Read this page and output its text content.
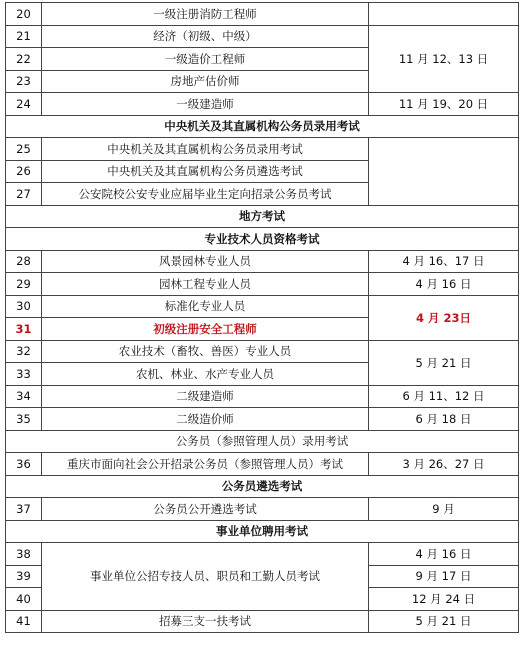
20	一级注册消防工程师	
21	经济（初级、中级）	11 月 12、13 日
22	一级造价工程师	
23	房地产估价师	
24	一级建造师	11 月 19、20 日
中央机关及其直属机构公务员录用考试		
25	中央机关及其直属机构公务员录用考试	
26	中央机关及其直属机构公务员遴选考试	
27	公安院校公安专业应届毕业生定向招录公务员考试	
地方考试		
专业技术人员资格考试		
28	风景园林专业人员	4 月 16、17 日
29	园林工程专业人员	4 月 16 日
30	标准化专业人员	4 月 23日
31	初级注册安全工程师	
32	农业技术（畜牧、兽医）专业人员	5 月 21 日
33	农机、林业、水产专业人员	
34	二级建造师	6 月 11、12 日
35	二级造价师	6 月 18 日
公务员（参照管理人员）录用考试		
36	重庆市面向社会公开招录公务员（参照管理人员）考试	3 月 26、27 日
公务员遴选考试		
37	公务员公开遴选考试	9 月
事业单位聘用考试		
38	事业单位公招专技人员、职员和工勤人员考试	4 月 16 日
39		9 月 17 日
40		12 月 24 日
41	招募三支一扶考试	5 月 21 日
